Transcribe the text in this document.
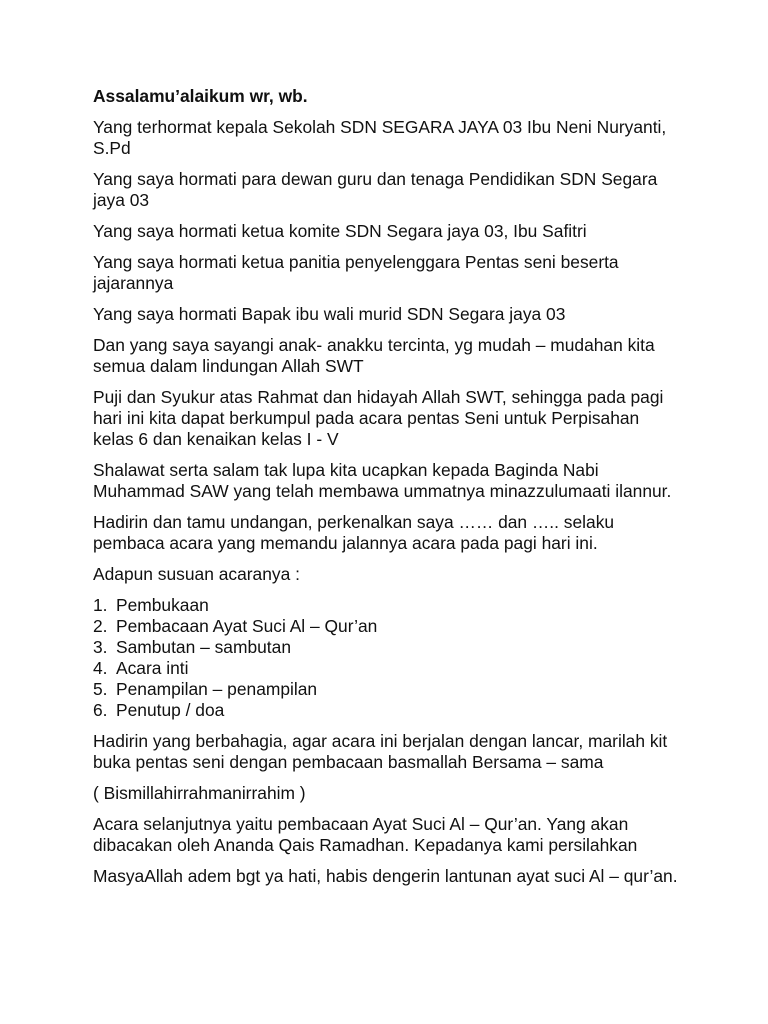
Assalamu’alaikum wr, wb.

Yang terhormat kepala Sekolah SDN SEGARA JAYA 03 Ibu Neni Nuryanti, S.Pd

Yang saya hormati para dewan guru dan tenaga Pendidikan SDN Segara jaya 03

Yang saya hormati ketua komite SDN Segara jaya 03, Ibu Safitri

Yang saya hormati ketua panitia penyelenggara Pentas seni beserta jajarannya

Yang saya hormati Bapak ibu wali murid SDN Segara jaya 03

Dan yang saya sayangi anak- anakku tercinta, yg mudah – mudahan kita semua dalam lindungan Allah SWT

Puji dan Syukur atas Rahmat dan hidayah Allah SWT, sehingga pada pagi hari ini kita dapat berkumpul pada acara pentas Seni untuk Perpisahan kelas 6 dan kenaikan kelas I - V

Shalawat serta salam tak lupa kita ucapkan kepada Baginda Nabi Muhammad SAW yang telah membawa ummatnya minazzulumaati ilannur.

Hadirin dan tamu undangan, perkenalkan saya …… dan ….. selaku pembaca acara yang memandu jalannya acara pada pagi hari ini.

Adapun susuan acaranya :

1. Pembukaan
2. Pembacaan Ayat Suci Al – Qur’an
3. Sambutan – sambutan
4. Acara inti
5. Penampilan – penampilan
6. Penutup / doa

Hadirin yang berbahagia, agar acara ini berjalan dengan lancar, marilah kit buka pentas seni dengan pembacaan basmallah Bersama – sama

( Bismillahirrahmanirrahim )

Acara selanjutnya yaitu pembacaan Ayat Suci Al – Qur’an. Yang akan dibacakan oleh Ananda Qais Ramadhan. Kepadanya kami persilahkan

MasyaAllah adem bgt ya hati, habis dengerin lantunan ayat suci Al – qur’an.
